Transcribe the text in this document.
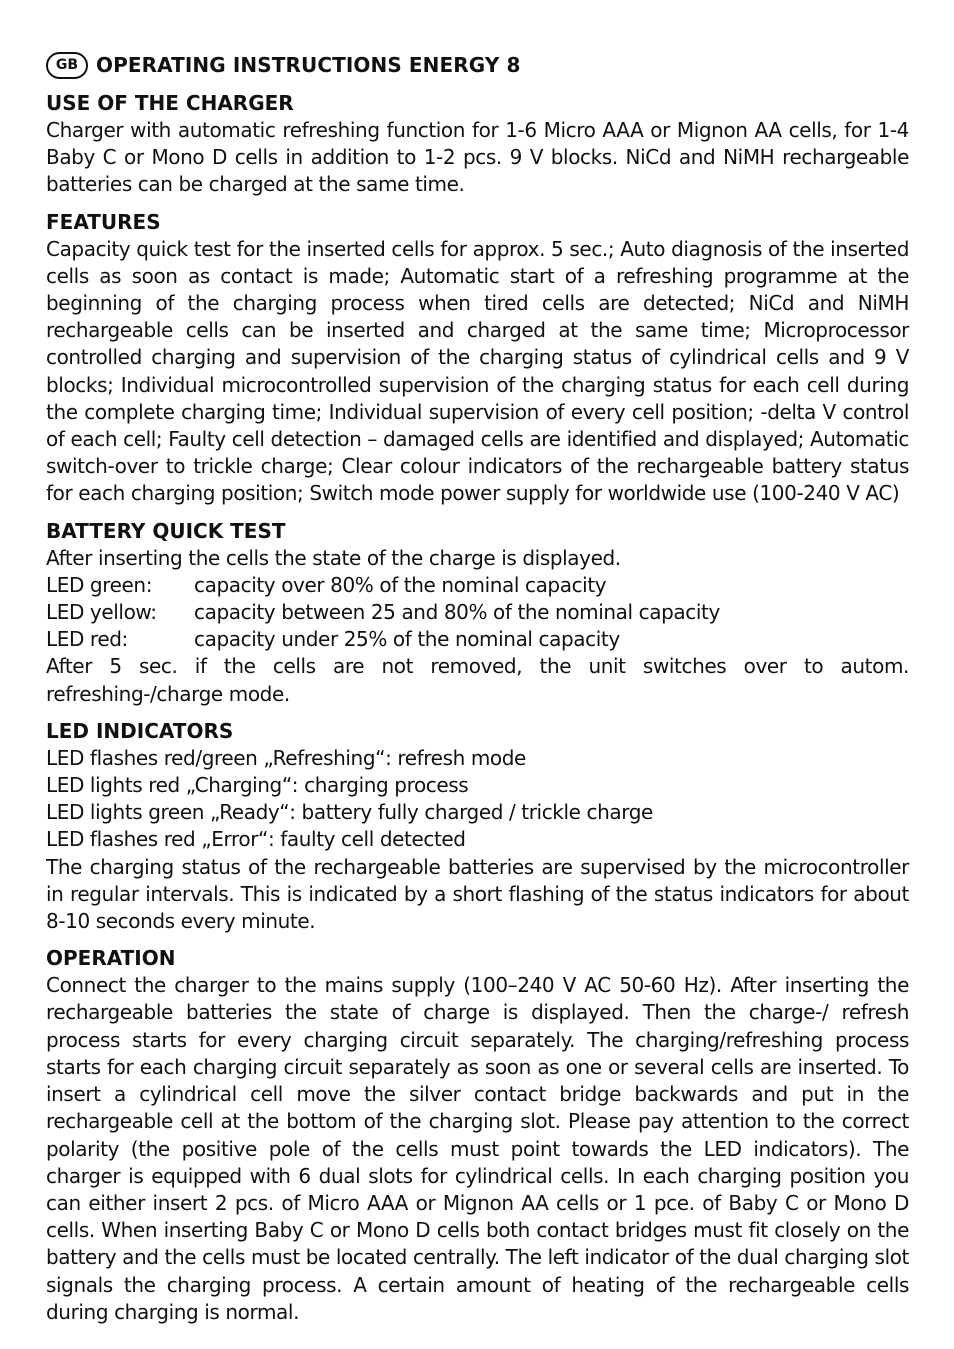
GB OPERATING INSTRUCTIONS ENERGY 8
USE OF THE CHARGER

Charger with automatic refreshing function for 1-6 Micro AAA or Mignon AA cells, for 1-4 Baby C or Mono D cells in addition to 1-2 pcs. 9 V blocks. NiCd and NiMH rechargeable batteries can be charged at the same time.

FEATURES

Capacity quick test for the inserted cells for approx. 5 sec.; Auto diagnosis of the inserted cells as soon as contact is made; Automatic start of a refreshing programme at the beginning of the charging process when tired cells are detected; NiCd and NiMH rechargeable cells can be inserted and charged at the same time; Microprocessor controlled charging and supervision of the charging status of cylindrical cells and 9 V blocks; Individual microcontrolled supervision of the charging status for each cell during the complete charging time; Individual supervision of every cell position; -delta V control of each cell; Faulty cell detection – damaged cells are identified and displayed; Automatic switch-over to trickle charge; Clear colour indicators of the rechargeable battery status for each charging position; Switch mode power supply for worldwide use (100-240 V AC)

BATTERY QUICK TEST
After inserting the cells the state of the charge is displayed.
LED green:	capacity over 80% of the nominal capacity
LED yellow:	capacity between 25 and 80% of the nominal capacity
LED red:	capacity under 25% of the nominal capacity

After 5 sec. if the cells are not removed, the unit switches over to autom. refreshing-/charge mode.

LED INDICATORS
LED flashes red/green „Refreshing“: refresh mode
LED lights red „Charging“: charging process
LED lights green „Ready“: battery fully charged / trickle charge
LED flashes red „Error“: faulty cell detected

The charging status of the rechargeable batteries are supervised by the microcontroller in regular intervals. This is indicated by a short flashing of the status indicators for about 8-10 seconds every minute.

OPERATION

Connect the charger to the mains supply (100–240 V AC 50-60 Hz). After inserting the rechargeable batteries the state of charge is displayed. Then the charge-/ refresh process starts for every charging circuit separately. The charging/refreshing process starts for each charging circuit separately as soon as one or several cells are inserted. To insert a cylindrical cell move the silver contact bridge backwards and put in the rechargeable cell at the bottom of the charging slot. Please pay attention to the correct polarity (the positive pole of the cells must point towards the LED indicators). The charger is equipped with 6 dual slots for cylindrical cells. In each charging position you can either insert 2 pcs. of Micro AAA or Mignon AA cells or 1 pce. of Baby C or Mono D cells. When inserting Baby C or Mono D cells both contact bridges must fit closely on the battery and the cells must be located centrally. The left indicator of the dual charging slot signals the charging process. A certain amount of heating of the rechargeable cells during charging is normal.
